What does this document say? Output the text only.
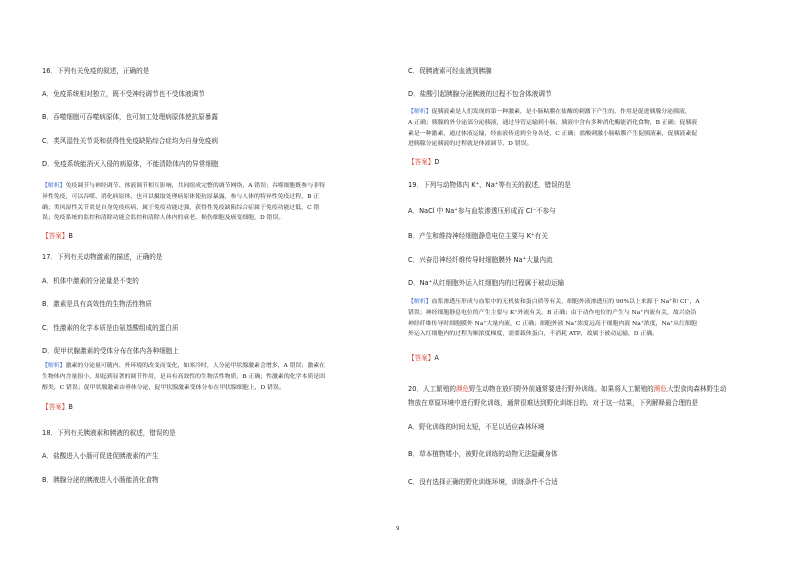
16．下列有关免疫的叙述，正确的是
A．免疫系统相对独立，既不受神经调节也不受体液调节
B．吞噬细胞可吞噬病原体，也可加工处理病原体使抗原暴露
C．类风湿性关节炎和获得性免疫缺陷综合症均为自身免疫病
D．免疫系统能消灭入侵的病原体，不能清除体内的异常细胞
【解析】免疫调节与神经调节、体液调节相互影响，共同组成完整的调节网络，A 错误；吞噬细胞既参与非特
异性免疫，可以吞噬、消化病原体，也可以摄取处理病原体使抗原暴露，参与人体的特异性免疫过程，B 正
确；类风湿性关节炎是自身免疫疾病，属于免疫功能过强，获得性免疫缺陷综合症属于免疫功能过低，C 错
误；免疫系统的监控和清除功能会监控和清除人体内的衰老、损伤细胞及癌变细胞，D 错误。
【答案】B
17．下列有关动物激素的描述，正确的是
A．机体中激素的分泌量是不变的
B．激素是具有高效性的生物活性物质
C．性激素的化学本质是由氨基酸组成的蛋白质
D．促甲状腺激素的受体分布在体内各种细胞上
【解析】激素的分泌量可随内、外环境的改变而变化，如寒冷时，人分泌甲状腺激素会增多，A 错误；激素在
生物体内含量很小，却起到显著的调节作用，是具有高效性的生物活性物质，B 正确；性激素的化学本质是固
醇类，C 错误；促甲状腺激素由垂体分泌，促甲状腺激素受体分布在甲状腺细胞上，D 错误。
【答案】B
18．下列有关胰液素和胰液的叙述，错误的是
A．盐酸进入小肠可促进促胰液素的产生
B．胰腺分泌的胰液进入小肠能消化食物
C．促胰液素可经血液到胰腺
D．盐酸引起胰腺分泌胰液的过程不包含体液调节
【解析】促胰液素是人们发现的第一种激素，是小肠粘膜在盐酸的刺激下产生的，作用是促进胰腺分泌胰液，
A 正确；胰腺的外分泌部分泌胰液，通过导管运输到小肠，胰液中含有多种消化酶能消化食物，B 正确；促胰液
素是一种激素，通过体液运输，经血液传送到全身各处，C 正确；盐酸刺激小肠粘膜产生促胰液素，促胰液素促
进胰腺分泌胰液的过程就是体液调节，D 错误。
【答案】D
19．下列与动物体内 K+、Na+等有关的叙述，错误的是
A．NaCl 中 Na+参与血浆渗透压形成而 Cl−不参与
B．产生和维持神经细胞静息电位主要与 K+有关
C．兴奋沿神经纤维传导时细胞膜外 Na+大量内流
D．Na+从红细胞外运入红细胞内的过程属于被动运输
【解析】血浆渗透压形成与血浆中的无机盐和蛋白质等有关，细胞外液渗透压的 90%以上来源于 Na⁺和 Cl⁻，A
错误；神经细胞静息电位的产生主要与 K⁺外流有关，B 正确；由于动作电位的产生与 Na⁺内流有关，故兴奋沿
神经纤维传导时细胞膜外 Na⁺大量内流，C 正确；细胞外液 Na⁺浓度远高于细胞内液 Na⁺浓度，Na⁺从红细胞
外运入红细胞内的过程为顺浓度梯度，需要载体蛋白，不消耗 ATP，故属于被动运输，D 正确。
【答案】A
20．人工繁殖的濒危野生动物在放归野外前通常要进行野外训练。如果将人工繁殖的濒危大型食肉森林野生动
物放在草原环境中进行野化训练，通常很难达到野化训练目的。对于这一结果，下列解释最合理的是
A．野化训练的时间太短，不足以适应森林环境
B．草本植物矮小，被野化训练的动物无法隐藏身体
C．没有选择正确的野化训练环境，训练条件不合适
9
